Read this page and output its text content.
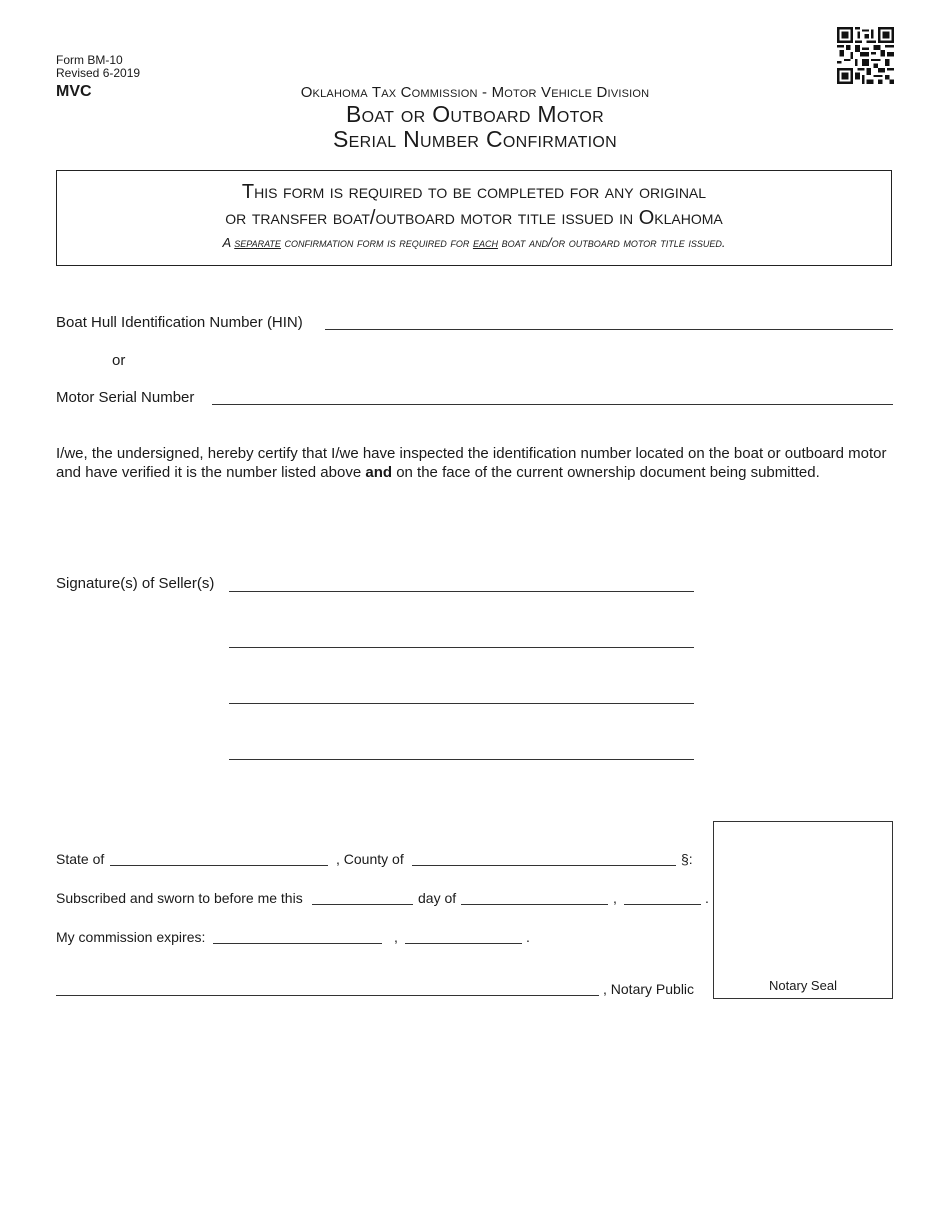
Form BM-10
Revised 6-2019
MVC	Oklahoma Tax Commission - Motor Vehicle Division
Boat or Outboard Motor
Serial Number Confirmation
This form is required to be completed for any original
or transfer boat/outboard motor title issued in Oklahoma
A separate confirmation form is required for each boat and/or outboard motor title issued.
Boat Hull Identification Number (HIN)
or
Motor Serial Number
I/we, the undersigned, hereby certify that I/we have inspected the identification number located on the boat or outboard motor and have verified it is the number listed above and on the face of the current ownership document being submitted.
Signature(s) of Seller(s)
State of	, County of	§:
Subscribed and sworn to before me this	day of	,	.
My commission expires:	,	.
, Notary Public	Notary Seal
